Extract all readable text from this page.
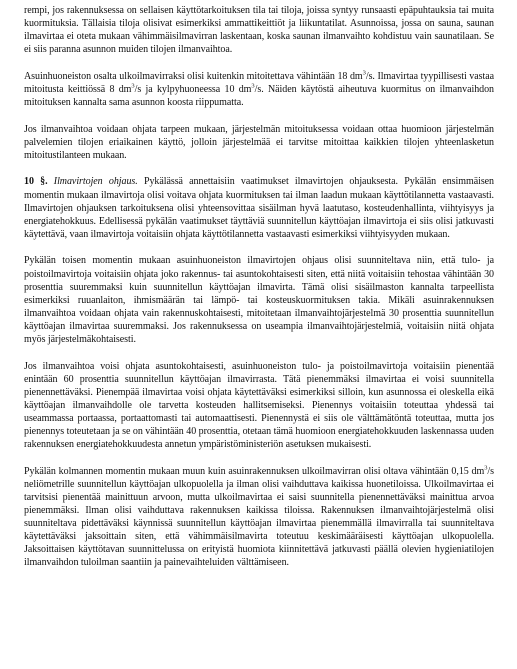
rempi, jos rakennuksessa on sellaisen käyttötarkoituksen tila tai tiloja, joissa syntyy runsaasti epäpuhtauksia tai muita kuormituksia. Tällaisia tiloja olisivat esimerkiksi ammattikeittiöt ja liikuntatilat. Asunnoissa, jossa on sauna, saunan ilmavirtaa ei oteta mukaan vähimmäisilmavirran laskentaan, koska saunan ilmanvaihto kohdistuu vain saunatilaan. Se ei siis paranna asunnon muiden tilojen ilmanvaihtoa.

Asuinhuoneiston osalta ulkoilmavirraksi olisi kuitenkin mitoitettava vähintään 18 $dm^3/s$. Ilmavirtaa tyypillisesti vastaa mitoitusta keittiössä 8 $dm^3/s$ ja kylpyhuoneessa 10 $dm^3/s$. Näiden käytöstä aiheutuva kuormitus on ilmanvaihdon mitoituksen kannalta sama asunnon koosta riippumatta.

Jos ilmanvaihtoa voidaan ohjata tarpeen mukaan, järjestelmän mitoituksessa voidaan ottaa huomioon järjestelmän palvelemien tilojen eriaikainen käyttö, jolloin järjestelmää ei tarvitse mitoittaa kaikkien tilojen yhteenlasketun mitoitustilanteen mukaan.

10 §. Ilmavirtojen ohjaus. Pykälässä annettaisiin vaatimukset ilmavirtojen ohjauksesta. Pykälän ensimmäisen momentin mukaan ilmavirtoja olisi voitava ohjata kuormituksen tai ilman laadun mukaan käyttötilannetta vastaavasti. Ilmavirtojen ohjauksen tarkoituksena olisi yhteensovittaa sisäilman hyvä laatutaso, kosteudenhallinta, viihtyisyys ja energiatehokkuus. Edellisessä pykälän vaatimukset täyttäviä suunnitellun käyttöajan ilmavirtoja ei siis olisi jatkuvasti käytettävä, vaan ilmavirtoja voitaisiin ohjata käyttötilannetta vastaavasti esimerkiksi viihtyisyyden mukaan.

Pykälän toisen momentin mukaan asuinhuoneiston ilmavirtojen ohjaus olisi suunniteltava niin, että tulo- ja poistoilmavirtoja voitaisiin ohjata joko rakennus- tai asuntokohtaisesti siten, että niitä voitaisiin tehostaa vähintään 30 prosenttia suuremmaksi kuin suunnitellun käyttöajan ilmavirta. Tämä olisi sisäilmaston kannalta tarpeellista esimerkiksi ruuanlaiton, ihmismäärän tai lämpö- tai kosteuskuormituksen takia. Mikäli asuinrakennuksen ilmanvaihtoa voidaan ohjata vain rakennuskohtaisesti, mitoitetaan ilmanvaihtojärjestelmä 30 prosenttia suunnitellun käyttöajan ilmavirtaa suuremmaksi. Jos rakennuksessa on useampia ilmanvaihtojärjestelmiä, voitaisiin niitä ohjata myös järjestelmäkohtaisesti.

Jos ilmanvaihtoa voisi ohjata asuntokohtaisesti, asuinhuoneiston tulo- ja poistoilmavirtoja voitaisiin pienentää enintään 60 prosenttia suunnitellun käyttöajan ilmavirrasta. Tätä pienemmäksi ilmavirtaa ei voisi suunnitella pienennettäväksi. Pienempää ilmavirtaa voisi ohjata käytettäväksi esimerkiksi silloin, kun asunnossa ei oleskella eikä käyttöajan ilmanvaihdolle ole tarvetta kosteuden hallitsemiseksi. Pienennys voitaisiin toteuttaa yhdessä tai useammassa portaassa, portaattomasti tai automaattisesti. Pienennystä ei siis ole välttämätöntä toteuttaa, mutta jos pienennys toteutetaan ja se on vähintään 40 prosenttia, otetaan tämä huomioon energiatehokkuuden laskennassa uuden rakennuksen energiatehokkuudesta annetun ympäristöministeriön asetuksen mukaisesti.

Pykälän kolmannen momentin mukaan muun kuin asuinrakennuksen ulkoilmavirran olisi oltava vähintään 0,15 $dm^3/s$ neliömetrille suunnitellun käyttöajan ulkopuolella ja ilman olisi vaihduttava kaikissa huonetiloissa. Ulkoilmavirtaa ei tarvitsisi pienentää mainittuun arvoon, mutta ulkoilmavirtaa ei saisi suunnitella pienennettäväksi mainittua arvoa pienemmäksi. Ilman olisi vaihduttava rakennuksen kaikissa tiloissa. Rakennuksen ilmanvaihtojärjestelmä olisi suunniteltava pidettäväksi käynnissä suunnitellun käyttöajan ilmavirtaa pienemmällä ilmavirralla tai suunniteltava käytettäväksi jaksoittain siten, että vähimmäisilmavirta toteutuu keskimääräisesti käyttöajan ulkopuolella. Jaksoittaisen käyttötavan suunnittelussa on erityistä huomiota kiinnitettävä jatkuvasti päällä olevien hygieniatilojen ilmanvaihdon tuloilman saantiin ja painevaihteluiden välttämiseen.
